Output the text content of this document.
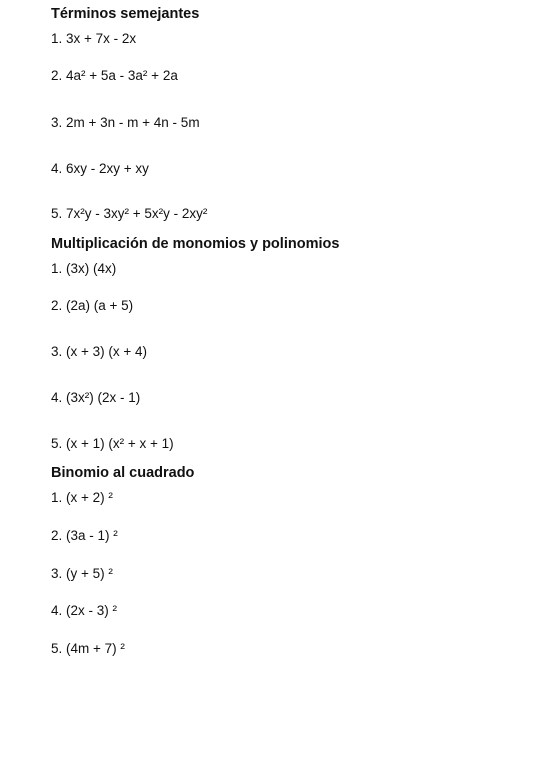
Términos semejantes
1. 3x + 7x - 2x
2. 4a² + 5a - 3a² + 2a
3. 2m + 3n - m + 4n - 5m
4. 6xy - 2xy + xy
5. 7x²y - 3xy² + 5x²y - 2xy²
Multiplicación de monomios y polinomios
1. (3x) (4x)
2. (2a) (a + 5)
3. (x + 3) (x + 4)
4. (3x²) (2x - 1)
5. (x + 1) (x² + x + 1)
Binomio al cuadrado
1. (x + 2) ²
2. (3a - 1) ²
3. (y + 5) ²
4. (2x - 3) ²
5. (4m + 7) ²
